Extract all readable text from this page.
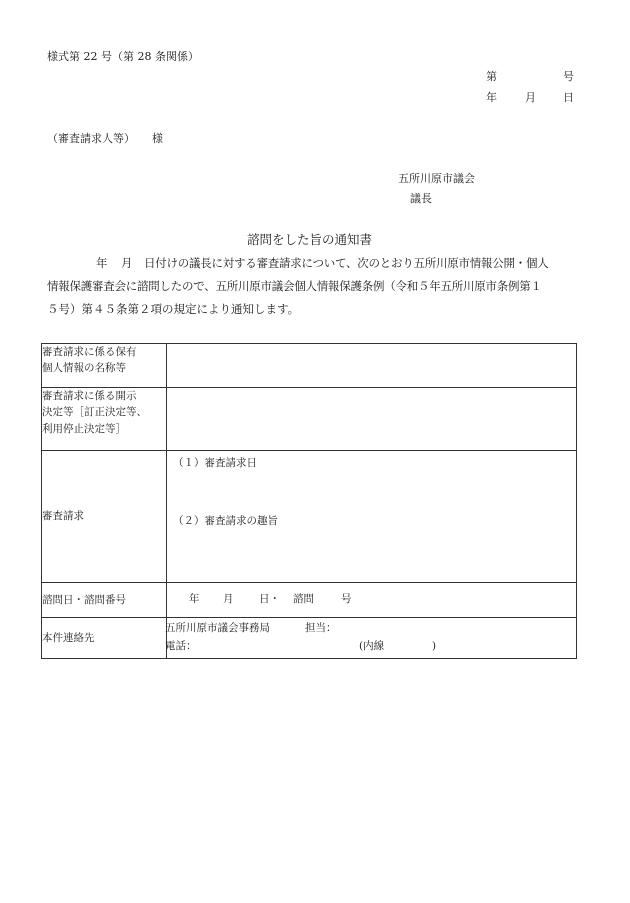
様式第 22 号（第 28 条関係）
第	号
年	月 日
（審査請求人等） 様
五所川原市議会
議長
諮問をした旨の通知書
年 月 日付けの議長に対する審査請求について、次のとおり五所川原市情報公開・個人
情報保護審査会に諮問したので、五所川原市議会個人情報保護条例（令和５年五所川原市条例第１
５号）第４５条第２項の規定により通知します。
審査請求に係る保有
個人情報の名称等	

審査請求に係る開示
決定等［訂正決定等、
利用停止決定等］	

審査請求	（１）審査請求日
（２）審査請求の趣旨

諮問日・諮問番号	年 月 日・ 諮問 号

本件連絡先	五所川原市議会事務局 担当：
電話： (内線 )
